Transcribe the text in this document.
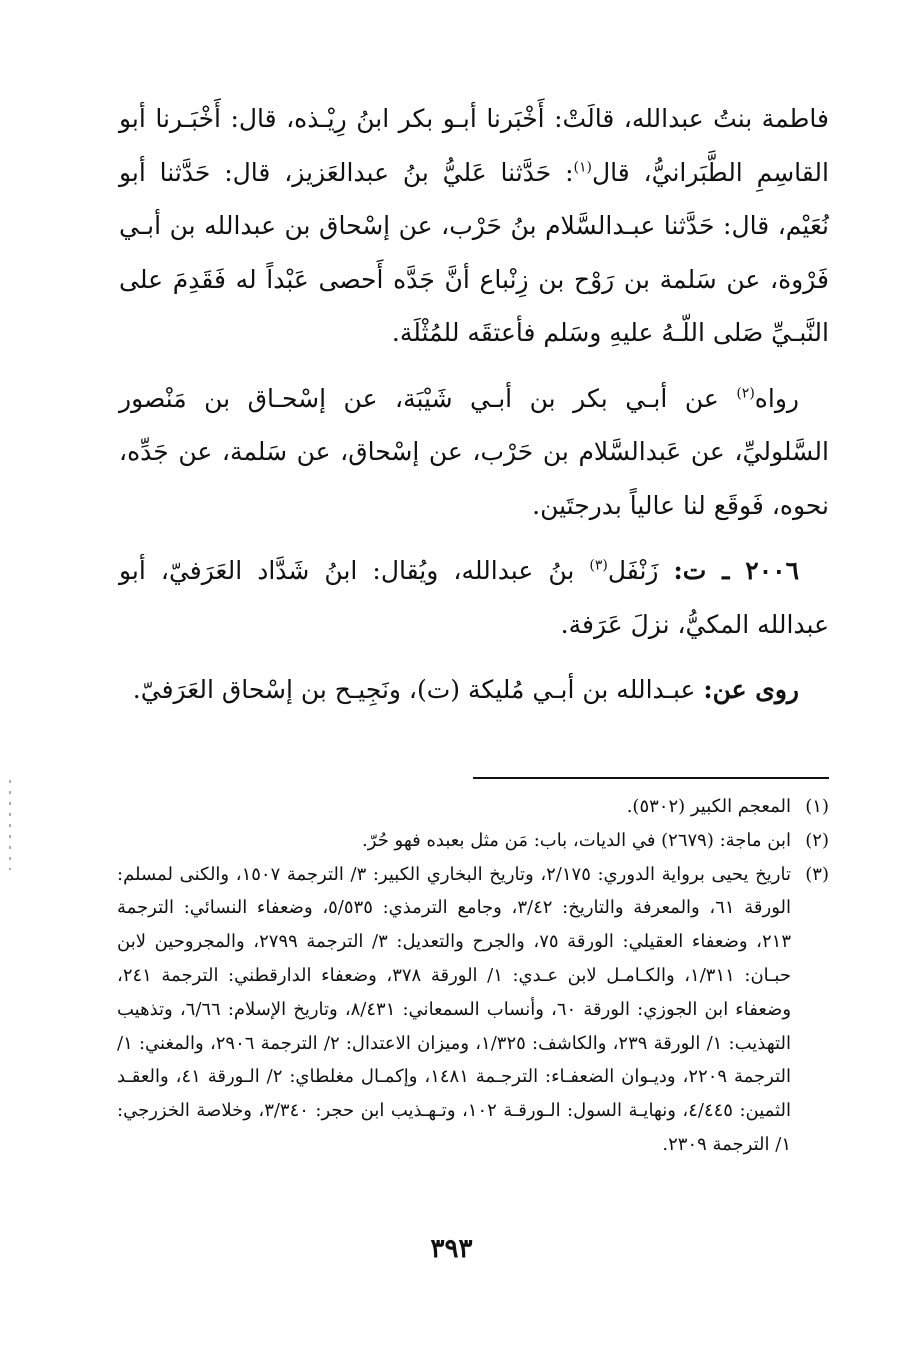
فاطمة بنتُ عبدالله، قالَتْ: أَخْبَرنا أبـو بكر ابنُ رِيْـذه، قال: أَخْبَـرنا أبو القاسِمِ الطَّبَرانيُّ، قال$^{(١)}$: حَدَّثنا عَليُّ بنُ عبدالعَزيز، قال: حَدَّثنا أبو نُعَيْم، قال: حَدَّثنا عبـدالسَّلام بنُ حَرْب، عن إسْحاق بن عبدالله بن أبـي فَرْوة، عن سَلمة بن رَوْح بن زِنْباع أنَّ جَدَّه أَحصى عَبْداً له فَقَدِمَ على النَّبـيِّ صَلى اللّـهُ عليهِ وسَلم فأعتقَه للمُثْلَة.

رواه$^{(٢)}$ عن أبـي بكر بن أبـي شَيْبَة، عن إسْحـاق بن مَنْصور السَّلوليِّ، عن عَبدالسَّلام بن حَرْب، عن إسْحاق، عن سَلمة، عن جَدِّه، نحوه، فَوقَع لنا عالياً بدرجتَين.

٢٠٠٦ ـ ت: زَنْفَل$^{(٣)}$ بنُ عبدالله، ويُقال: ابنُ شَدَّاد العَرَفيّ، أبو عبدالله المكيُّ، نزلَ عَرَفة.

روى عن: عبـدالله بن أبـي مُليكة (ت)، ونَجِيـح بن إسْحاق العَرَفيّ.

(١)
المعجم الكبير (٥٣٠٢).
(٢)
ابن ماجة: (٢٦٧٩) في الديات، باب: مَن مثل بعبده فهو حُرّ.
(٣)
تاريخ يحيى برواية الدوري: ٢/١٧٥، وتاريخ البخاري الكبير: ٣/ الترجمة ١٥٠٧، والكنى لمسلم: الورقة ٦١، والمعرفة والتاريخ: ٣/٤٢، وجامع الترمذي: ٥/٥٣٥، وضعفاء النسائي: الترجمة ٢١٣، وضعفاء العقيلي: الورقة ٧٥، والجرح والتعديل: ٣/ الترجمة ٢٧٩٩، والمجروحين لابن حبـان: ١/٣١١، والكـامـل لابن عـدي: ١/ الورقة ٣٧٨، وضعفاء الدارقطني: الترجمة ٢٤١، وضعفاء ابن الجوزي: الورقة ٦٠، وأنساب السمعاني: ٨/٤٣١، وتاريخ الإسلام: ٦/٦٦، وتذهيب التهذيب: ١/ الورقة ٢٣٩، والكاشف: ١/٣٢٥، وميزان الاعتدال: ٢/ الترجمة ٢٩٠٦، والمغني: ١/ الترجمة ٢٢٠٩، وديـوان الضعفـاء: الترجـمة ١٤٨١، وإكمـال مغلطاي: ٢/ الـورقة ٤١، والعقـد الثمين: ٤/٤٤٥، ونهايـة السول: الـورقـة ١٠٢، وتـهـذيب ابن حجر: ٣/٣٤٠، وخلاصة الخزرجي: ١/ الترجمة ٢٣٠٩.
٣٩٣
